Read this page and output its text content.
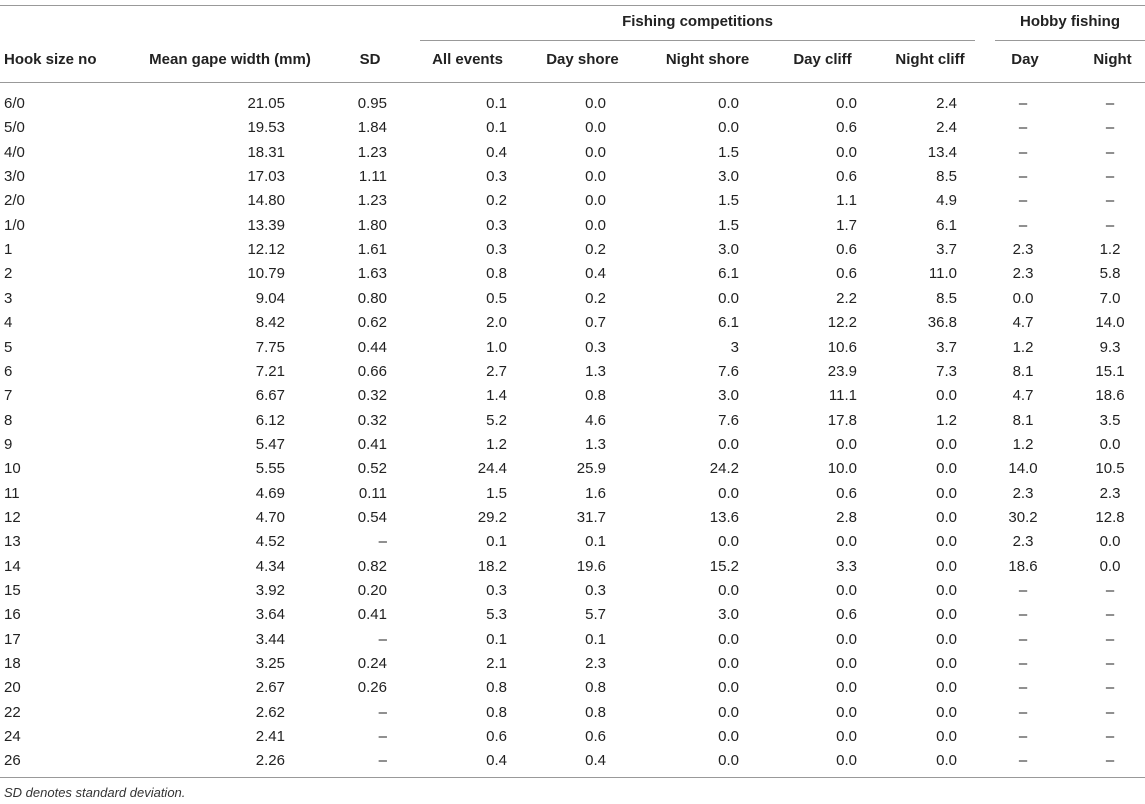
Fishing competitions	Hobby fishing
Hook size no	Mean gape width (mm)	SD	All events	Day shore	Night shore	Day cliff	Night cliff	Day	Night
6/0	21.05	0.95	0.1	0.0	0.0	0.0	2.4	–	–
5/0	19.53	1.84	0.1	0.0	0.0	0.6	2.4	–	–
4/0	18.31	1.23	0.4	0.0	1.5	0.0	13.4	–	–
3/0	17.03	1.11	0.3	0.0	3.0	0.6	8.5	–	–
2/0	14.80	1.23	0.2	0.0	1.5	1.1	4.9	–	–
1/0	13.39	1.80	0.3	0.0	1.5	1.7	6.1	–	–
1	12.12	1.61	0.3	0.2	3.0	0.6	3.7	2.3	1.2
2	10.79	1.63	0.8	0.4	6.1	0.6	11.0	2.3	5.8
3	9.04	0.80	0.5	0.2	0.0	2.2	8.5	0.0	7.0
4	8.42	0.62	2.0	0.7	6.1	12.2	36.8	4.7	14.0
5	7.75	0.44	1.0	0.3	3	10.6	3.7	1.2	9.3
6	7.21	0.66	2.7	1.3	7.6	23.9	7.3	8.1	15.1
7	6.67	0.32	1.4	0.8	3.0	11.1	0.0	4.7	18.6
8	6.12	0.32	5.2	4.6	7.6	17.8	1.2	8.1	3.5
9	5.47	0.41	1.2	1.3	0.0	0.0	0.0	1.2	0.0
10	5.55	0.52	24.4	25.9	24.2	10.0	0.0	14.0	10.5
11	4.69	0.11	1.5	1.6	0.0	0.6	0.0	2.3	2.3
12	4.70	0.54	29.2	31.7	13.6	2.8	0.0	30.2	12.8
13	4.52	–	0.1	0.1	0.0	0.0	0.0	2.3	0.0
14	4.34	0.82	18.2	19.6	15.2	3.3	0.0	18.6	0.0
15	3.92	0.20	0.3	0.3	0.0	0.0	0.0	–	–
16	3.64	0.41	5.3	5.7	3.0	0.6	0.0	–	–
17	3.44	–	0.1	0.1	0.0	0.0	0.0	–	–
18	3.25	0.24	2.1	2.3	0.0	0.0	0.0	–	–
20	2.67	0.26	0.8	0.8	0.0	0.0	0.0	–	–
22	2.62	–	0.8	0.8	0.0	0.0	0.0	–	–
24	2.41	–	0.6	0.6	0.0	0.0	0.0	–	–
26	2.26	–	0.4	0.4	0.0	0.0	0.0	–	–
SD denotes standard deviation.
